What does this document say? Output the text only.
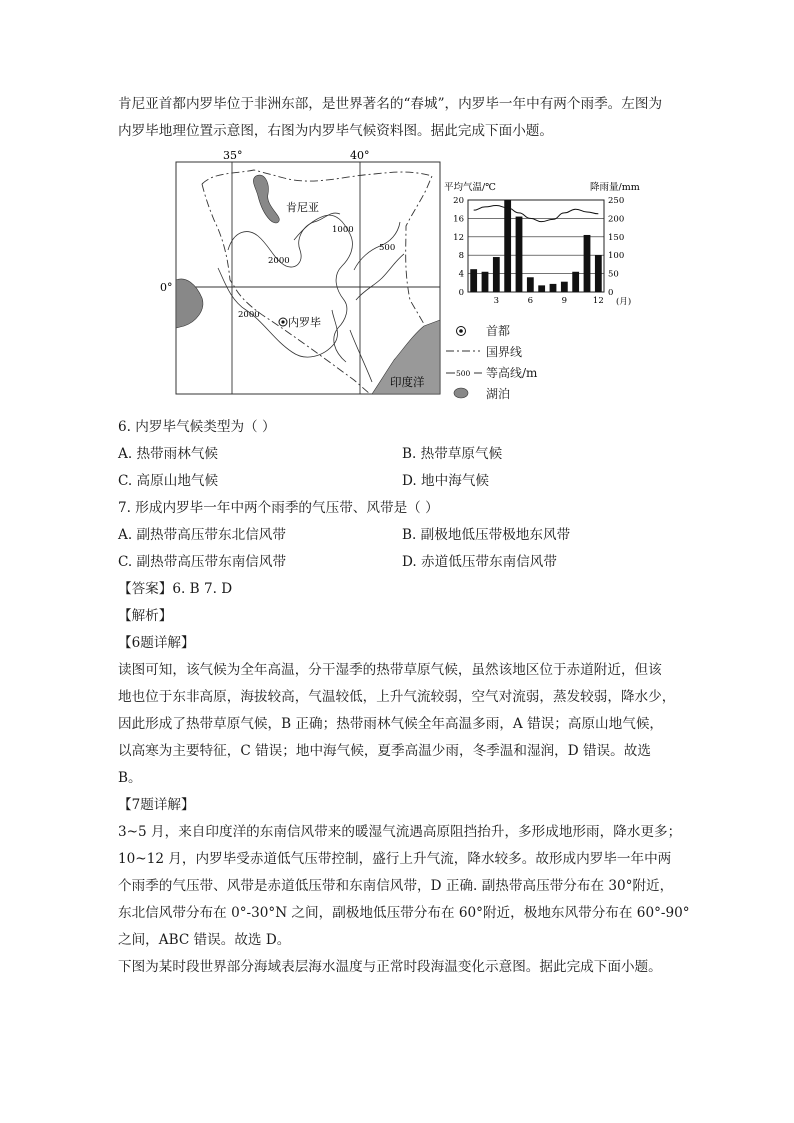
肯尼亚首都内罗毕位于非洲东部，是世界著名的“春城”，内罗毕一年中有两个雨季。左图为
内罗毕地理位置示意图，右图为内罗毕气候资料图。据此完成下面小题。
35°	40°
0°
2000
2000
1000
500
肯尼亚
内罗毕
印度洋
平均气温/℃	降雨量/mm
(月)
0
4
8
12
16
20
0
50
100
150
200
250
3	6	9	12
首都
国界线
500 等高线/m
湖泊
6. 内罗毕气候类型为（ ）
A. 热带雨林气候	B. 热带草原气候
C. 高原山地气候	D. 地中海气候
7. 形成内罗毕一年中两个雨季的气压带、风带是（ ）
A. 副热带高压带东北信风带	B. 副极地低压带极地东风带
C. 副热带高压带东南信风带	D. 赤道低压带东南信风带
【答案】6. B 7. D
【解析】
【6题详解】
读图可知，该气候为全年高温，分干湿季的热带草原气候，虽然该地区位于赤道附近，但该
地也位于东非高原，海拔较高，气温较低，上升气流较弱，空气对流弱，蒸发较弱，降水少，
因此形成了热带草原气候，B 正确；热带雨林气候全年高温多雨，A 错误；高原山地气候，
以高寒为主要特征，C 错误；地中海气候，夏季高温少雨，冬季温和湿润，D 错误。故选
B。
【7题详解】
3~5 月，来自印度洋的东南信风带来的暖湿气流遇高原阻挡抬升，多形成地形雨，降水更多；
10~12 月，内罗毕受赤道低气压带控制，盛行上升气流，降水较多。故形成内罗毕一年中两
个雨季的气压带、风带是赤道低压带和东南信风带，D 正确. 副热带高压带分布在 30°附近，
东北信风带分布在 0°-30°N 之间，副极地低压带分布在 60°附近，极地东风带分布在 60°-90°
之间，ABC 错误。故选 D。
下图为某时段世界部分海域表层海水温度与正常时段海温变化示意图。据此完成下面小题。
